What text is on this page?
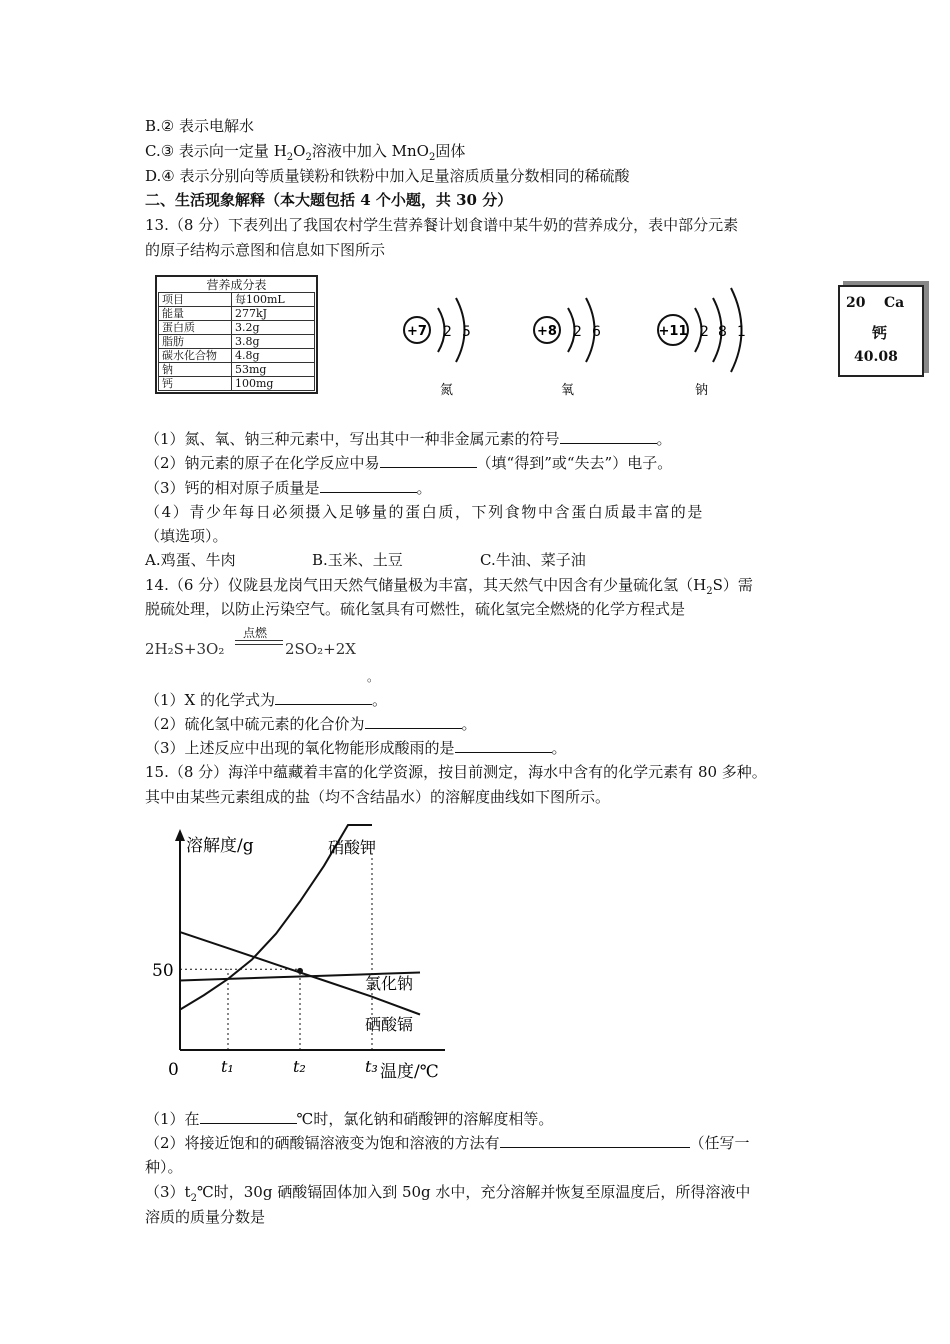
B.② 表示电解水
C.③ 表示向一定量 $H_2O_2$溶液中加入 MnO$_2$固体
D.④ 表示分别向等质量镁粉和铁粉中加入足量溶质质量分数相同的稀硫酸
二、生活现象解释（本大题包括 4 个小题，共 30 分）
13.（8 分）下表列出了我国农村学生营养餐计划食谱中某牛奶的营养成分，表中部分元素
的原子结构示意图和信息如下图所示
营养成分表
项目	每100mL
能量	277kJ
蛋白质	3.2g
脂肪	3.8g
碳水化合物	4.8g
钠	53mg
钙	100mg
+7 2 5
氮
+8 2 6
氧
+11 2 8 1
钠
20 Ca
钙
40.08
（1）氮、氧、钠三种元素中，写出其中一种非金属元素的符号	。
（2）钠元素的原子在化学反应中易	（填“得到”或“失去”）电子。
（3）钙的相对原子质量是	。
（4）青少年每日必须摄入足够量的蛋白质，下列食物中含蛋白质最丰富的是
（填选项）。
A.鸡蛋、牛肉	B.玉米、土豆	C.牛油、菜子油
14.（6 分）仪陇县龙岗气田天然气储量极为丰富，其天然气中因含有少量硫化氢$(H_2S)$需
脱硫处理，以防止污染空气。硫化氢具有可燃性，硫化氢完全燃烧的化学方程式是
2H₂S+3O₂
点燃
2SO₂+2X
。
（1）X 的化学式为	。
（2）硫化氢中硫元素的化合价为	。
（3）上述反应中出现的氧化物能形成酸雨的是	。
15.（8 分）海洋中蕴藏着丰富的化学资源，按目前测定，海水中含有的化学元素有 80 多种。
其中由某些元素组成的盐（均不含结晶水）的溶解度曲线如下图所示。
溶解度/g
温度/℃
0
50
t₁	t₂	t₃
硝酸钾
氯化钠
硒酸镉
（1）在	℃时，氯化钠和硝酸钾的溶解度相等。
（2）将接近饱和的硒酸镉溶液变为饱和溶液的方法有	（任写一
种）。
$(3)t_2℃$时，30g 硒酸镉固体加入到 50g 水中，充分溶解并恢复至原温度后，所得溶液中
溶质的质量分数是
